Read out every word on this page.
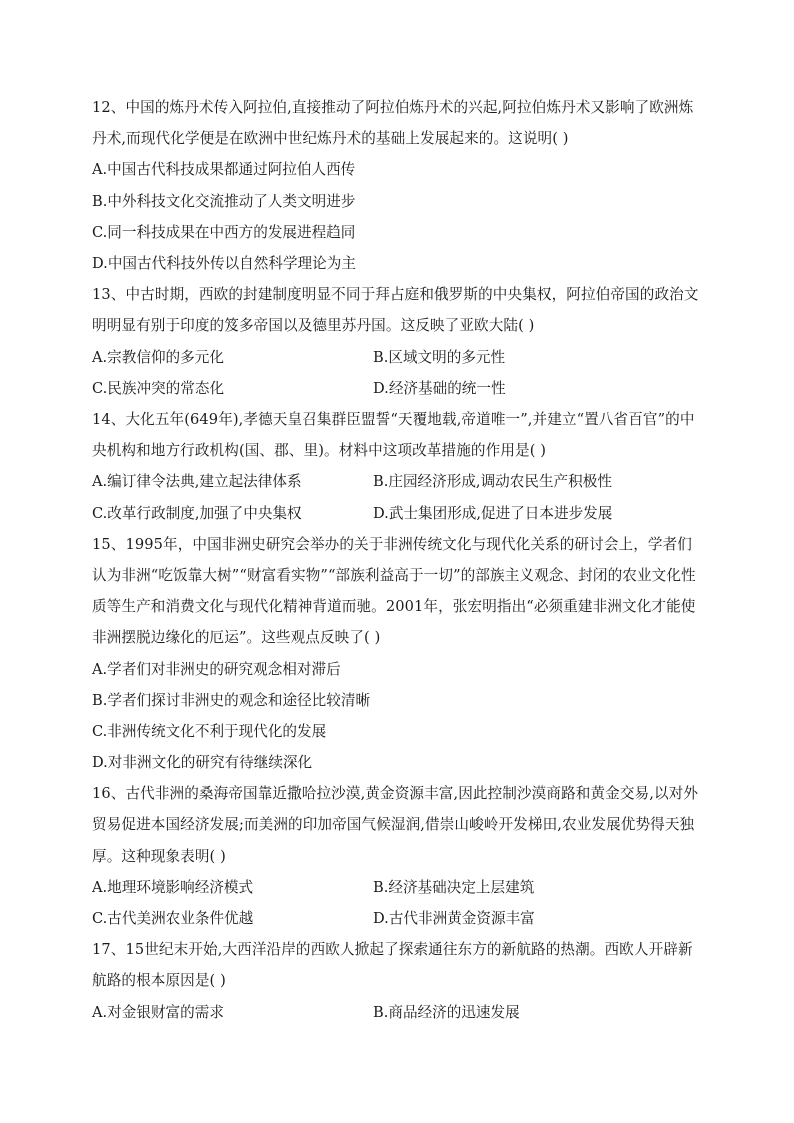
12、中国的炼丹术传入阿拉伯,直接推动了阿拉伯炼丹术的兴起,阿拉伯炼丹术又影响了欧洲炼丹术,而现代化学便是在欧洲中世纪炼丹术的基础上发展起来的。这说明( )

A.中国古代科技成果都通过阿拉伯人西传
B.中外科技文化交流推动了人类文明进步
C.同一科技成果在中西方的发展进程趋同
D.中国古代科技外传以自然科学理论为主

13、中古时期，西欧的封建制度明显不同于拜占庭和俄罗斯的中央集权，阿拉伯帝国的政治文明明显有别于印度的笈多帝国以及德里苏丹国。这反映了亚欧大陆( )

A.宗教信仰的多元化	B.区域文明的多元性
C.民族冲突的常态化	D.经济基础的统一性

14、大化五年(649年),孝德天皇召集群臣盟誓“天覆地载,帝道唯一”,并建立“置八省百官”的中央机构和地方行政机构(国、郡、里)。材料中这项改革措施的作用是( )

A.编订律令法典,建立起法律体系	B.庄园经济形成,调动农民生产积极性
C.改革行政制度,加强了中央集权	D.武士集团形成,促进了日本进步发展

15、1995年，中国非洲史研究会举办的关于非洲传统文化与现代化关系的研讨会上，学者们认为非洲“吃饭靠大树”“财富看实物”“部族利益高于一切”的部族主义观念、封闭的农业文化性质等生产和消费文化与现代化精神背道而驰。2001年，张宏明指出“必须重建非洲文化才能使非洲摆脱边缘化的厄运”。这些观点反映了( )

A.学者们对非洲史的研究观念相对滞后
B.学者们探讨非洲史的观念和途径比较清晰
C.非洲传统文化不利于现代化的发展
D.对非洲文化的研究有待继续深化

16、古代非洲的桑海帝国靠近撒哈拉沙漠,黄金资源丰富,因此控制沙漠商路和黄金交易,以对外贸易促进本国经济发展;而美洲的印加帝国气候湿润,借崇山峻岭开发梯田,农业发展优势得天独厚。这种现象表明( )

A.地理环境影响经济模式	B.经济基础决定上层建筑
C.古代美洲农业条件优越	D.古代非洲黄金资源丰富

17、15世纪末开始,大西洋沿岸的西欧人掀起了探索通往东方的新航路的热潮。西欧人开辟新航路的根本原因是( )

A.对金银财富的需求	B.商品经济的迅速发展
